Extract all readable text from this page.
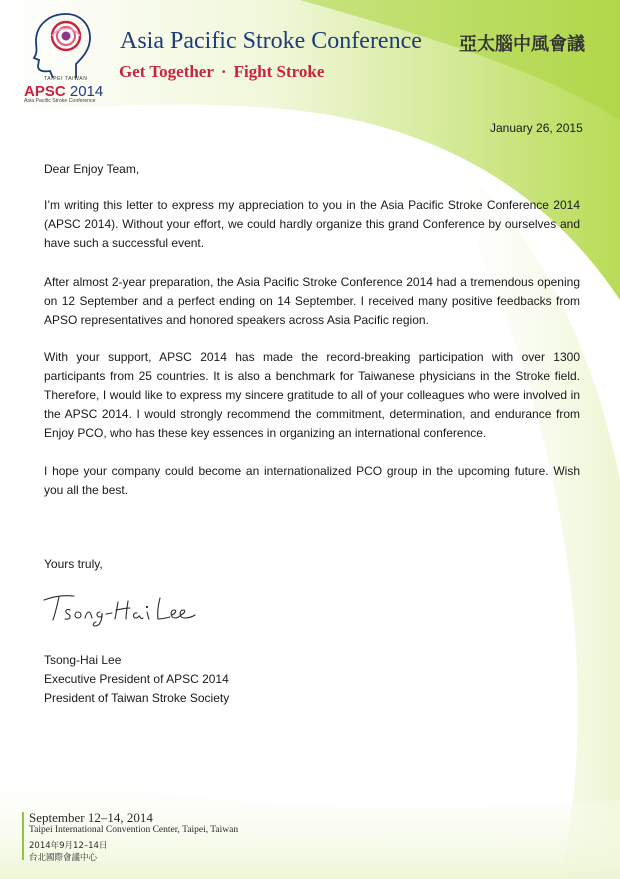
TAIPEI TAIWAN
APSC 2014
Asia Pacific Stroke Conference
Asia Pacific Stroke Conference 亞太腦中風會議
Get Together · Fight Stroke
January 26, 2015
Dear Enjoy Team,
I’m writing this letter to express my appreciation to you in the Asia Pacific Stroke Conference 2014 (APSC 2014). Without your effort, we could hardly organize this grand Conference by ourselves and have such a successful event.
After almost 2-year preparation, the Asia Pacific Stroke Conference 2014 had a tremendous opening on 12 September and a perfect ending on 14 September. I received many positive feedbacks from APSO representatives and honored speakers across Asia Pacific region.
With your support, APSC 2014 has made the record-breaking participation with over 1300 participants from 25 countries. It is also a benchmark for Taiwanese physicians in the Stroke field. Therefore, I would like to express my sincere gratitude to all of your colleagues who were involved in the APSC 2014. I would strongly recommend the commitment, determination, and endurance from Enjoy PCO, who has these key essences in organizing an international conference.
I hope your company could become an internationalized PCO group in the upcoming future. Wish you all the best.
Yours truly,
Tsong-Hai Lee
Executive President of APSC 2014
President of Taiwan Stroke Society
September 12–14, 2014
Taipei International Convention Center, Taipei, Taiwan
2014年9月12–14日
台北國際會議中心
